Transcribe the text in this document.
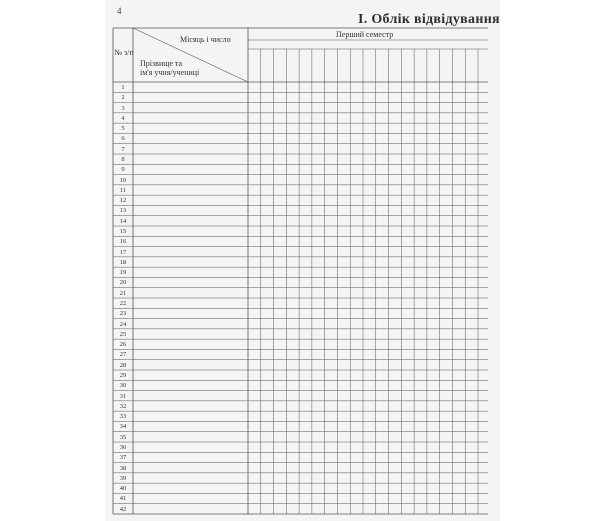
4
I. Облік відвідування
№ з/п
Місяць і число
Прізвище та
ім'я учня/учениці
Перший семестр
1
2
3
4
5
6
7
8
9
10
11
12
13
14
15
16
17
18
19
20
21
22
23
24
25
26
27
28
29
30
31
32
33
34
35
36
37
38
39
40
41
42
